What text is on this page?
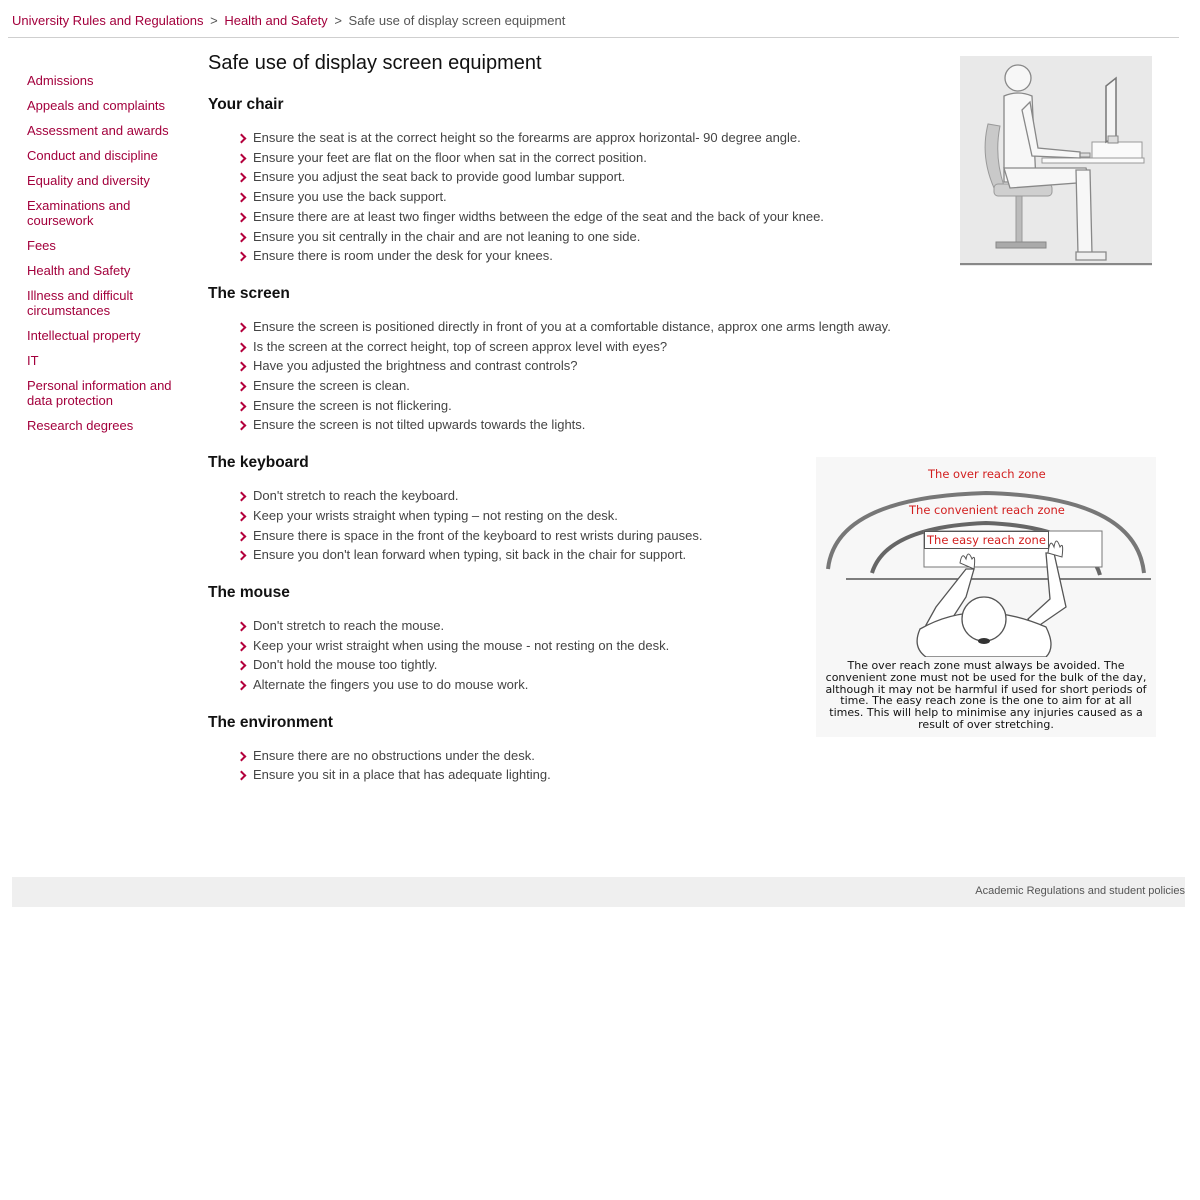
University Rules and Regulations > Health and Safety > Safe use of display screen equipment
Admissions
Appeals and complaints
Assessment and awards
Conduct and discipline
Equality and diversity
Examinations and coursework
Fees
Health and Safety
Illness and difficult circumstances
Intellectual property
IT
Personal information and data protection
Research degrees
Safe use of display screen equipment
Your chair
Ensure the seat is at the correct height so the forearms are approx horizontal- 90 degree angle.
Ensure your feet are flat on the floor when sat in the correct position.
Ensure you adjust the seat back to provide good lumbar support.
Ensure you use the back support.
Ensure there are at least two finger widths between the edge of the seat and the back of your knee.
Ensure you sit centrally in the chair and are not leaning to one side.
Ensure there is room under the desk for your knees.
The screen
Ensure the screen is positioned directly in front of you at a comfortable distance, approx one arms length away.
Is the screen at the correct height, top of screen approx level with eyes?
Have you adjusted the brightness and contrast controls?
Ensure the screen is clean.
Ensure the screen is not flickering.
Ensure the screen is not tilted upwards towards the lights.
The keyboard
Don't stretch to reach the keyboard.
Keep your wrists straight when typing – not resting on the desk.
Ensure there is space in the front of the keyboard to rest wrists during pauses.
Ensure you don't lean forward when typing, sit back in the chair for support.
The mouse
Don't stretch to reach the mouse.
Keep your wrist straight when using the mouse - not resting on the desk.
Don't hold the mouse too tightly.
Alternate the fingers you use to do mouse work.
The environment
Ensure there are no obstructions under the desk.
Ensure you sit in a place that has adequate lighting.
The over reach zone
The convenient reach zone
The easy reach zone
The over reach zone must always be avoided. The
convenient zone must not be used for the bulk of the day,
although it may not be harmful if used for short periods of
time. The easy reach zone is the one to aim for at all
times. This will help to minimise any injuries caused as a
result of over stretching.
Academic Regulations and student policies
